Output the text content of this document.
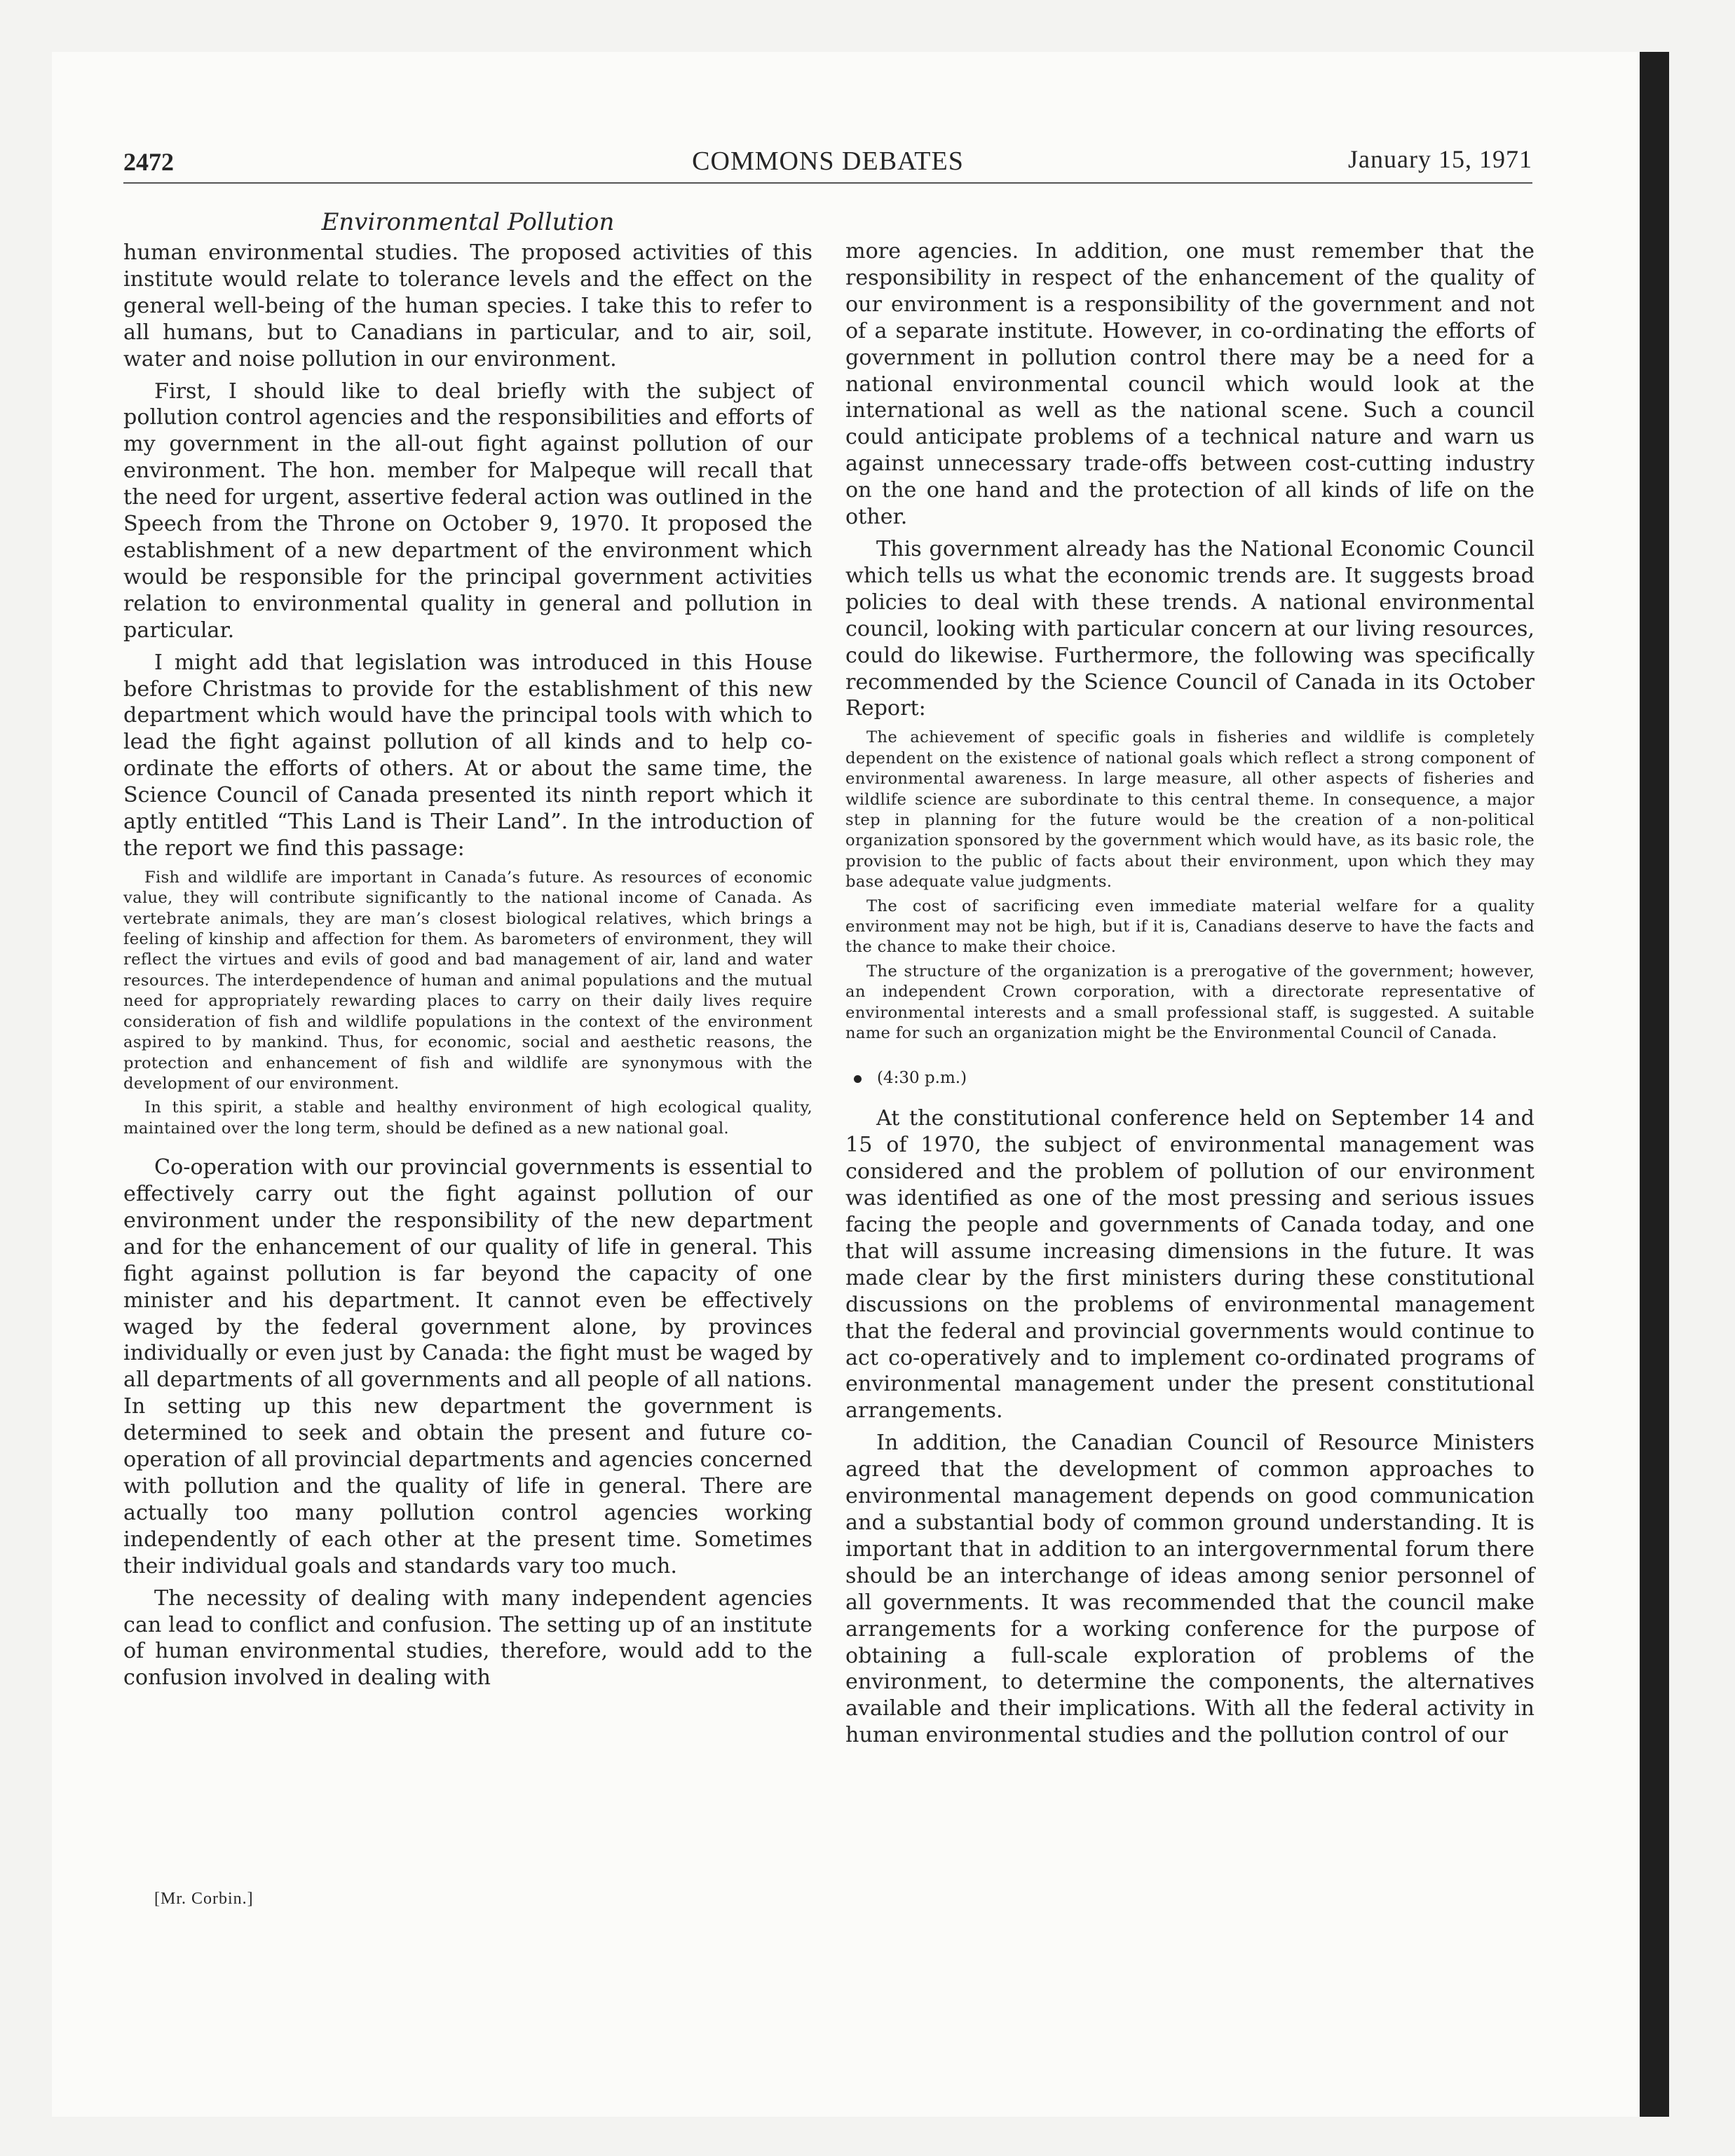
2472	COMMONS DEBATES	January 15, 1971
Environmental Pollution

human environmental studies. The proposed activities of this institute would relate to tolerance levels and the effect on the general well-being of the human species. I take this to refer to all humans, but to Canadians in particular, and to air, soil, water and noise pollution in our environment.

First, I should like to deal briefly with the subject of pollution control agencies and the responsibilities and efforts of my government in the all-out fight against pollution of our environment. The hon. member for Malpeque will recall that the need for urgent, assertive federal action was outlined in the Speech from the Throne on October 9, 1970. It proposed the establishment of a new department of the environment which would be responsible for the principal government activities relation to environmental quality in general and pollution in particular.

I might add that legislation was introduced in this House before Christmas to provide for the establishment of this new department which would have the principal tools with which to lead the fight against pollution of all kinds and to help co-ordinate the efforts of others. At or about the same time, the Science Council of Canada presented its ninth report which it aptly entitled “This Land is Their Land”. In the introduction of the report we find this passage:

Fish and wildlife are important in Canada’s future. As resources of economic value, they will contribute significantly to the national income of Canada. As vertebrate animals, they are man’s closest biological relatives, which brings a feeling of kinship and affection for them. As barometers of environment, they will reflect the virtues and evils of good and bad management of air, land and water resources. The interdependence of human and animal populations and the mutual need for appropriately rewarding places to carry on their daily lives require consideration of fish and wildlife populations in the context of the environment aspired to by mankind. Thus, for economic, social and aesthetic reasons, the protection and enhancement of fish and wildlife are synonymous with the development of our environment.

In this spirit, a stable and healthy environment of high ecological quality, maintained over the long term, should be defined as a new national goal.

Co-operation with our provincial governments is essential to effectively carry out the fight against pollution of our environment under the responsibility of the new department and for the enhancement of our quality of life in general. This fight against pollution is far beyond the capacity of one minister and his department. It cannot even be effectively waged by the federal government alone, by provinces individually or even just by Canada: the fight must be waged by all departments of all governments and all people of all nations. In setting up this new department the government is determined to seek and obtain the present and future co-operation of all provincial departments and agencies concerned with pollution and the quality of life in general. There are actually too many pollution control agencies working independently of each other at the present time. Sometimes their individual goals and standards vary too much.

The necessity of dealing with many independent agencies can lead to conflict and confusion. The setting up of an institute of human environmental studies, therefore, would add to the confusion involved in dealing with

more agencies. In addition, one must remember that the responsibility in respect of the enhancement of the quality of our environment is a responsibility of the government and not of a separate institute. However, in co-ordinating the efforts of government in pollution control there may be a need for a national environmental council which would look at the international as well as the national scene. Such a council could anticipate problems of a technical nature and warn us against unnecessary trade-offs between cost-cutting industry on the one hand and the protection of all kinds of life on the other.

This government already has the National Economic Council which tells us what the economic trends are. It suggests broad policies to deal with these trends. A national environmental council, looking with particular concern at our living resources, could do likewise. Furthermore, the following was specifically recommended by the Science Council of Canada in its October Report:

The achievement of specific goals in fisheries and wildlife is completely dependent on the existence of national goals which reflect a strong component of environmental awareness. In large measure, all other aspects of fisheries and wildlife science are subordinate to this central theme. In consequence, a major step in planning for the future would be the creation of a non-political organization sponsored by the government which would have, as its basic role, the provision to the public of facts about their environment, upon which they may base adequate value judgments.

The cost of sacrificing even immediate material welfare for a quality environment may not be high, but if it is, Canadians deserve to have the facts and the chance to make their choice.

The structure of the organization is a prerogative of the government; however, an independent Crown corporation, with a directorate representative of environmental interests and a small professional staff, is suggested. A suitable name for such an organization might be the Environmental Council of Canada.

(4:30 p.m.)

At the constitutional conference held on September 14 and 15 of 1970, the subject of environmental management was considered and the problem of pollution of our environment was identified as one of the most pressing and serious issues facing the people and governments of Canada today, and one that will assume increasing dimensions in the future. It was made clear by the first ministers during these constitutional discussions on the problems of environmental management that the federal and provincial governments would continue to act co-operatively and to implement co-ordinated programs of environmental management under the present constitutional arrangements.

In addition, the Canadian Council of Resource Ministers agreed that the development of common approaches to environmental management depends on good communication and a substantial body of common ground understanding. It is important that in addition to an intergovernmental forum there should be an interchange of ideas among senior personnel of all governments. It was recommended that the council make arrangements for a working conference for the purpose of obtaining a full-scale exploration of problems of the environment, to determine the components, the alternatives available and their implications. With all the federal activity in human environmental studies and the pollution control of our

[Mr. Corbin.]
